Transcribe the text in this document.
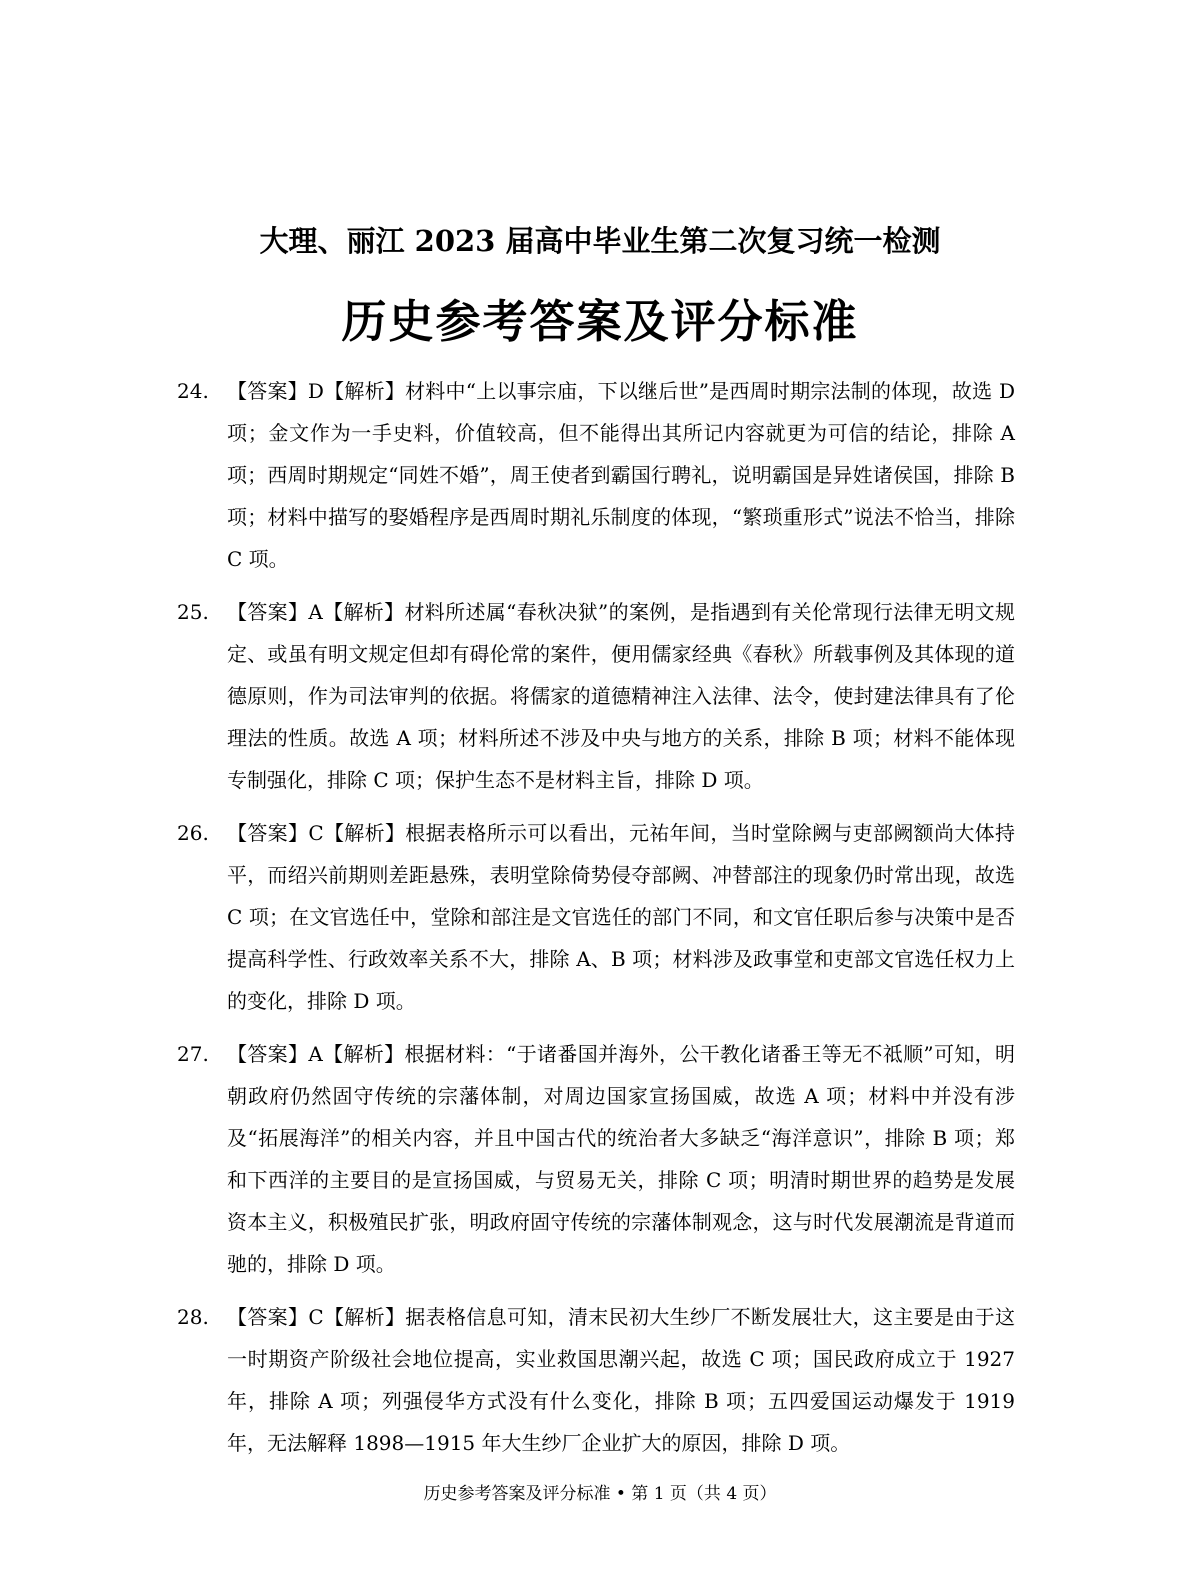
大理、丽江 2023 届高中毕业生第二次复习统一检测
历史参考答案及评分标准
24. 【答案】D【解析】材料中“上以事宗庙，下以继后世”是西周时期宗法制的体现，故选 D 项；金文作为一手史料，价值较高，但不能得出其所记内容就更为可信的结论，排除 A 项；西周时期规定“同姓不婚”，周王使者到霸国行聘礼，说明霸国是异姓诸侯国，排除 B 项；材料中描写的娶婚程序是西周时期礼乐制度的体现，“繁琐重形式”说法不恰当，排除 C 项。
25. 【答案】A【解析】材料所述属“春秋决狱”的案例，是指遇到有关伦常现行法律无明文规定、或虽有明文规定但却有碍伦常的案件，便用儒家经典《春秋》所载事例及其体现的道德原则，作为司法审判的依据。将儒家的道德精神注入法律、法令，使封建法律具有了伦理法的性质。故选 A 项；材料所述不涉及中央与地方的关系，排除 B 项；材料不能体现专制强化，排除 C 项；保护生态不是材料主旨，排除 D 项。
26. 【答案】C【解析】根据表格所示可以看出，元祐年间，当时堂除阙与吏部阙额尚大体持平，而绍兴前期则差距悬殊，表明堂除倚势侵夺部阙、冲替部注的现象仍时常出现，故选 C 项；在文官选任中，堂除和部注是文官选任的部门不同，和文官任职后参与决策中是否提高科学性、行政效率关系不大，排除 A、B 项；材料涉及政事堂和吏部文官选任权力上的变化，排除 D 项。
27. 【答案】A【解析】根据材料：“于诸番国并海外，公干教化诸番王等无不祗顺”可知，明朝政府仍然固守传统的宗藩体制，对周边国家宣扬国威，故选 A 项；材料中并没有涉及“拓展海洋”的相关内容，并且中国古代的统治者大多缺乏“海洋意识”，排除 B 项；郑和下西洋的主要目的是宣扬国威，与贸易无关，排除 C 项；明清时期世界的趋势是发展资本主义，积极殖民扩张，明政府固守传统的宗藩体制观念，这与时代发展潮流是背道而驰的，排除 D 项。
28. 【答案】C【解析】据表格信息可知，清末民初大生纱厂不断发展壮大，这主要是由于这一时期资产阶级社会地位提高，实业救国思潮兴起，故选 C 项；国民政府成立于 1927 年，排除 A 项；列强侵华方式没有什么变化，排除 B 项；五四爱国运动爆发于 1919 年，无法解释 1898—1915 年大生纱厂企业扩大的原因，排除 D 项。
历史参考答案及评分标准 • 第 1 页（共 4 页）
